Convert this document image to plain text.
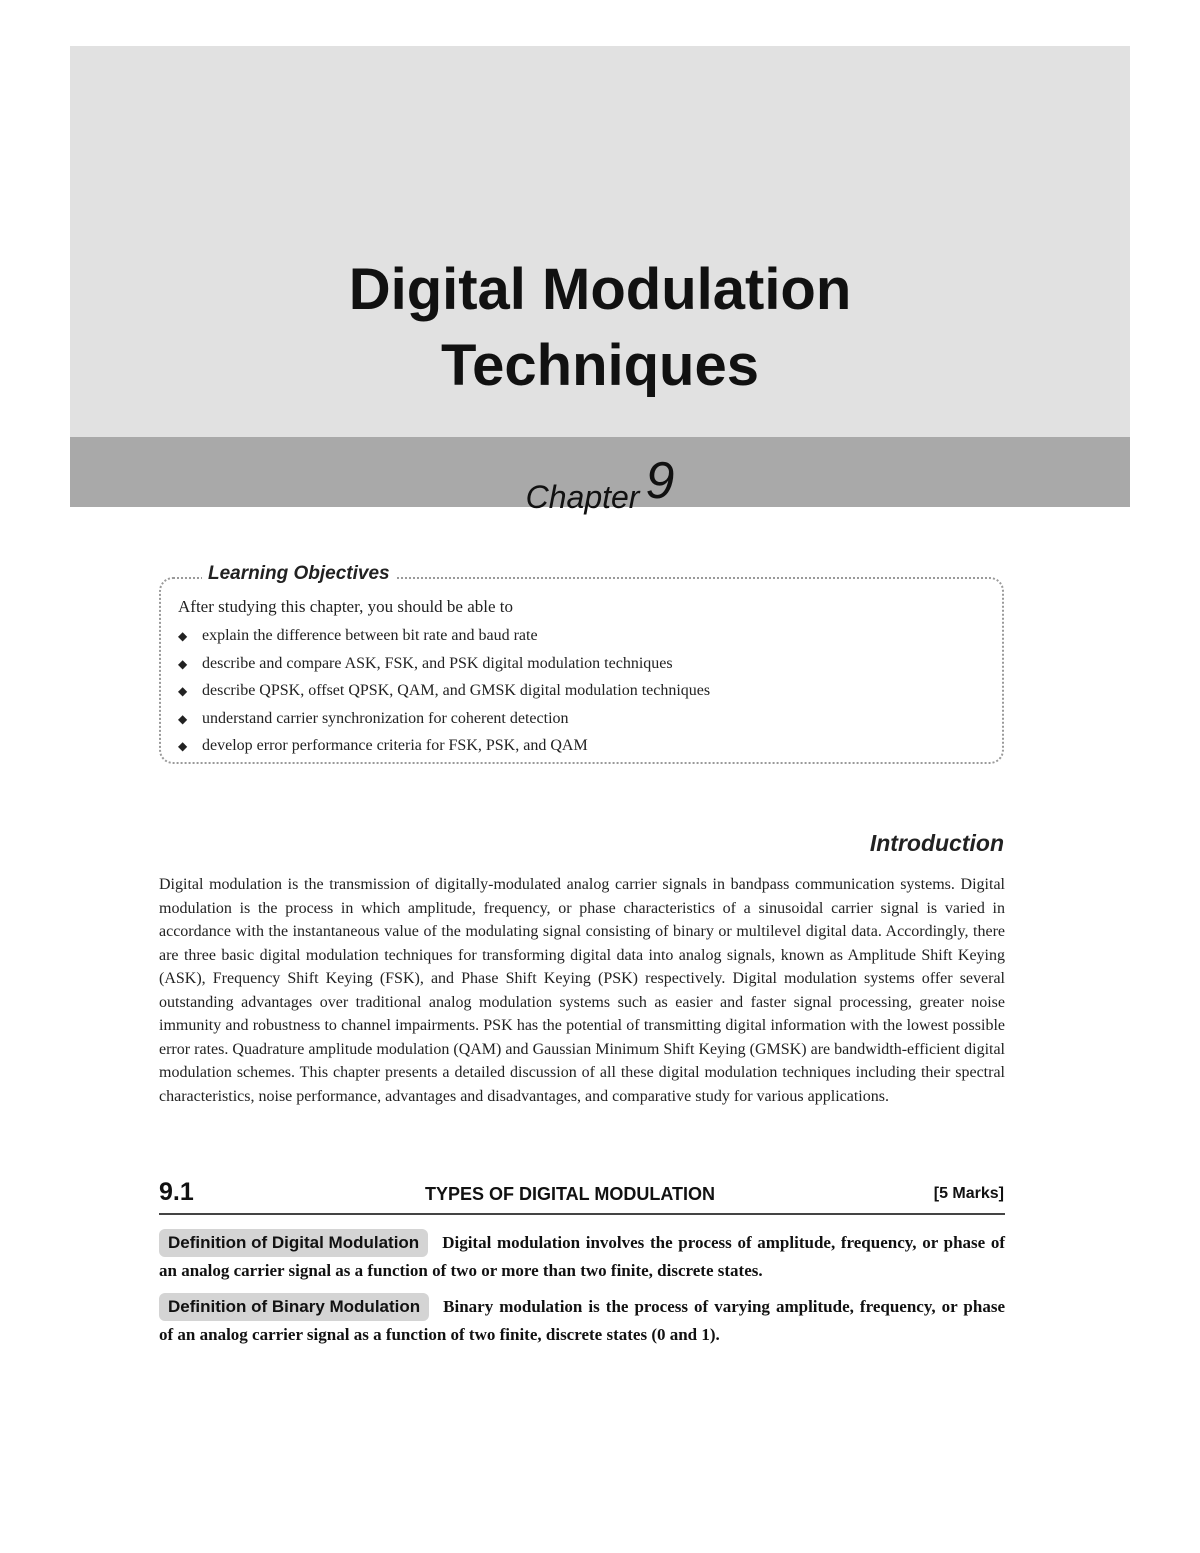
Digital Modulation
Techniques
Chapter 9
Learning Objectives
After studying this chapter, you should be able to
◆ explain the difference between bit rate and baud rate
◆ describe and compare ASK, FSK, and PSK digital modulation techniques
◆ describe QPSK, offset QPSK, QAM, and GMSK digital modulation techniques
◆ understand carrier synchronization for coherent detection
◆ develop error performance criteria for FSK, PSK, and QAM
Introduction

Digital modulation is the transmission of digitally-modulated analog carrier signals in bandpass communication systems. Digital modulation is the process in which amplitude, frequency, or phase characteristics of a sinusoidal carrier signal is varied in accordance with the instantaneous value of the modulating signal consisting of binary or multilevel digital data. Accordingly, there are three basic digital modulation techniques for transforming digital data into analog signals, known as Amplitude Shift Keying (ASK), Frequency Shift Keying (FSK), and Phase Shift Keying (PSK) respectively. Digital modulation systems offer several outstanding advantages over traditional analog modulation systems such as easier and faster signal processing, greater noise immunity and robustness to channel impairments. PSK has the potential of transmitting digital information with the lowest possible error rates. Quadrature amplitude modulation (QAM) and Gaussian Minimum Shift Keying (GMSK) are bandwidth-efficient digital modulation schemes. This chapter presents a detailed discussion of all these digital modulation techniques including their spectral characteristics, noise performance, advantages and disadvantages, and comparative study for various applications.

9.1	TYPES OF DIGITAL MODULATION	[5 Marks]

Definition of Digital Modulation Digital modulation involves the process of amplitude, frequency, or phase of an analog carrier signal as a function of two or more than two finite, discrete states.

Definition of Binary Modulation Binary modulation is the process of varying amplitude, frequency, or phase of an analog carrier signal as a function of two finite, discrete states (0 and 1).
